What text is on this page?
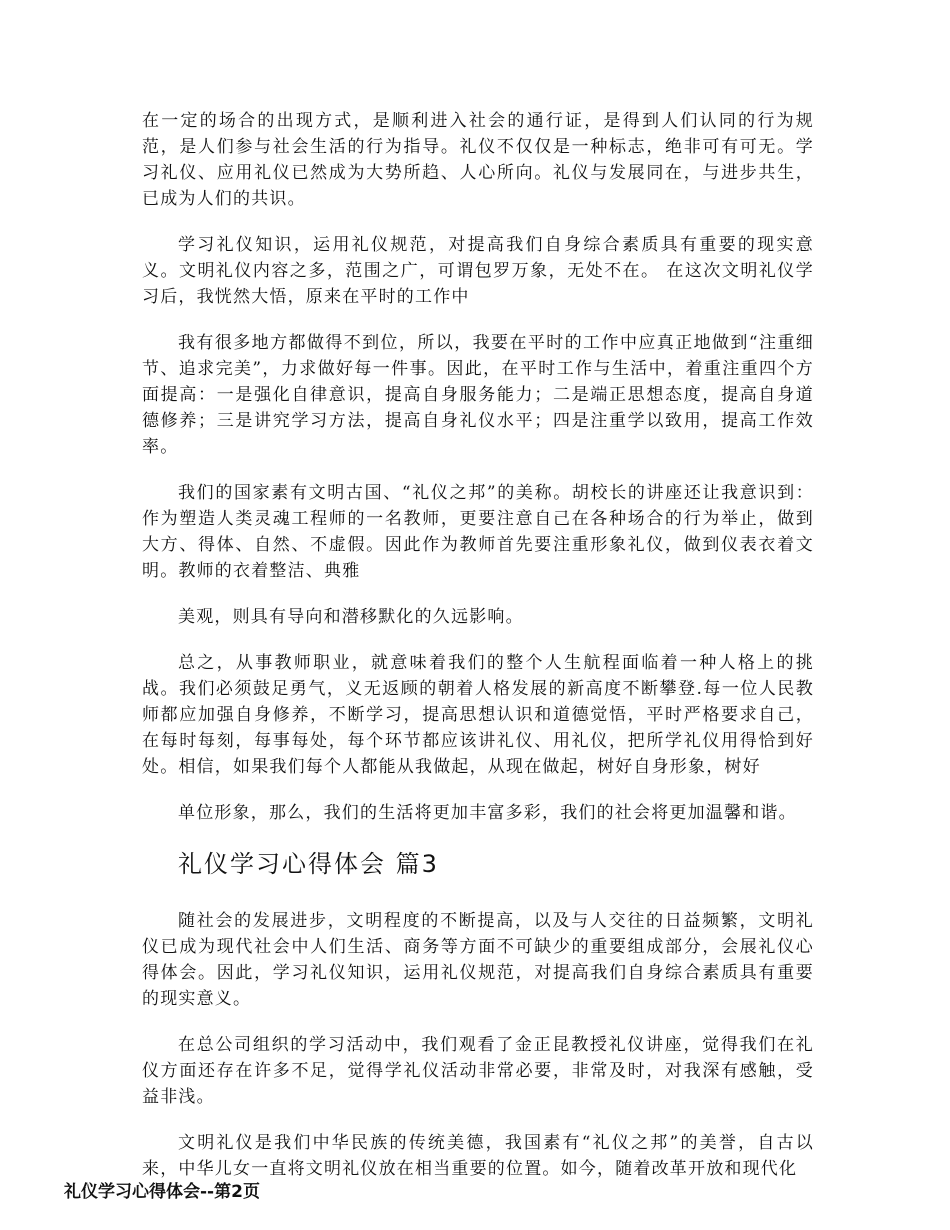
在一定的场合的出现方式，是顺利进入社会的通行证，是得到人们认同的行为规范，是人们参与社会生活的行为指导。礼仪不仅仅是一种标志，绝非可有可无。学习礼仪、应用礼仪已然成为大势所趋、人心所向。礼仪与发展同在，与进步共生，已成为人们的共识。

学习礼仪知识，运用礼仪规范，对提高我们自身综合素质具有重要的现实意义。文明礼仪内容之多，范围之广，可谓包罗万象，无处不在。 在这次文明礼仪学习后，我恍然大悟，原来在平时的工作中

我有很多地方都做得不到位，所以，我要在平时的工作中应真正地做到“注重细节、追求完美”，力求做好每一件事。因此，在平时工作与生活中，着重注重四个方面提高：一是强化自律意识，提高自身服务能力；二是端正思想态度，提高自身道德修养；三是讲究学习方法，提高自身礼仪水平；四是注重学以致用，提高工作效率。

我们的国家素有文明古国、“礼仪之邦”的美称。胡校长的讲座还让我意识到：作为塑造人类灵魂工程师的一名教师，更要注意自己在各种场合的行为举止，做到大方、得体、自然、不虚假。因此作为教师首先要注重形象礼仪，做到仪表衣着文明。教师的衣着整洁、典雅

美观，则具有导向和潜移默化的久远影响。

总之，从事教师职业，就意味着我们的整个人生航程面临着一种人格上的挑战。我们必须鼓足勇气，义无返顾的朝着人格发展的新高度不断攀登.每一位人民教师都应加强自身修养，不断学习，提高思想认识和道德觉悟，平时严格要求自己，在每时每刻，每事每处，每个环节都应该讲礼仪、用礼仪，把所学礼仪用得恰到好处。相信，如果我们每个人都能从我做起，从现在做起，树好自身形象，树好

单位形象，那么，我们的生活将更加丰富多彩，我们的社会将更加温馨和谐。

礼仪学习心得体会 篇3

随社会的发展进步，文明程度的不断提高，以及与人交往的日益频繁，文明礼仪已成为现代社会中人们生活、商务等方面不可缺少的重要组成部分，会展礼仪心得体会。因此，学习礼仪知识，运用礼仪规范，对提高我们自身综合素质具有重要的现实意义。

在总公司组织的学习活动中，我们观看了金正昆教授礼仪讲座，觉得我们在礼仪方面还存在许多不足，觉得学礼仪活动非常必要，非常及时，对我深有感触，受益非浅。

文明礼仪是我们中华民族的传统美德，我国素有“礼仪之邦”的美誉，自古以来，中华儿女一直将文明礼仪放在相当重要的位置。如今，随着改革开放和现代化

礼仪学习心得体会--第2页
